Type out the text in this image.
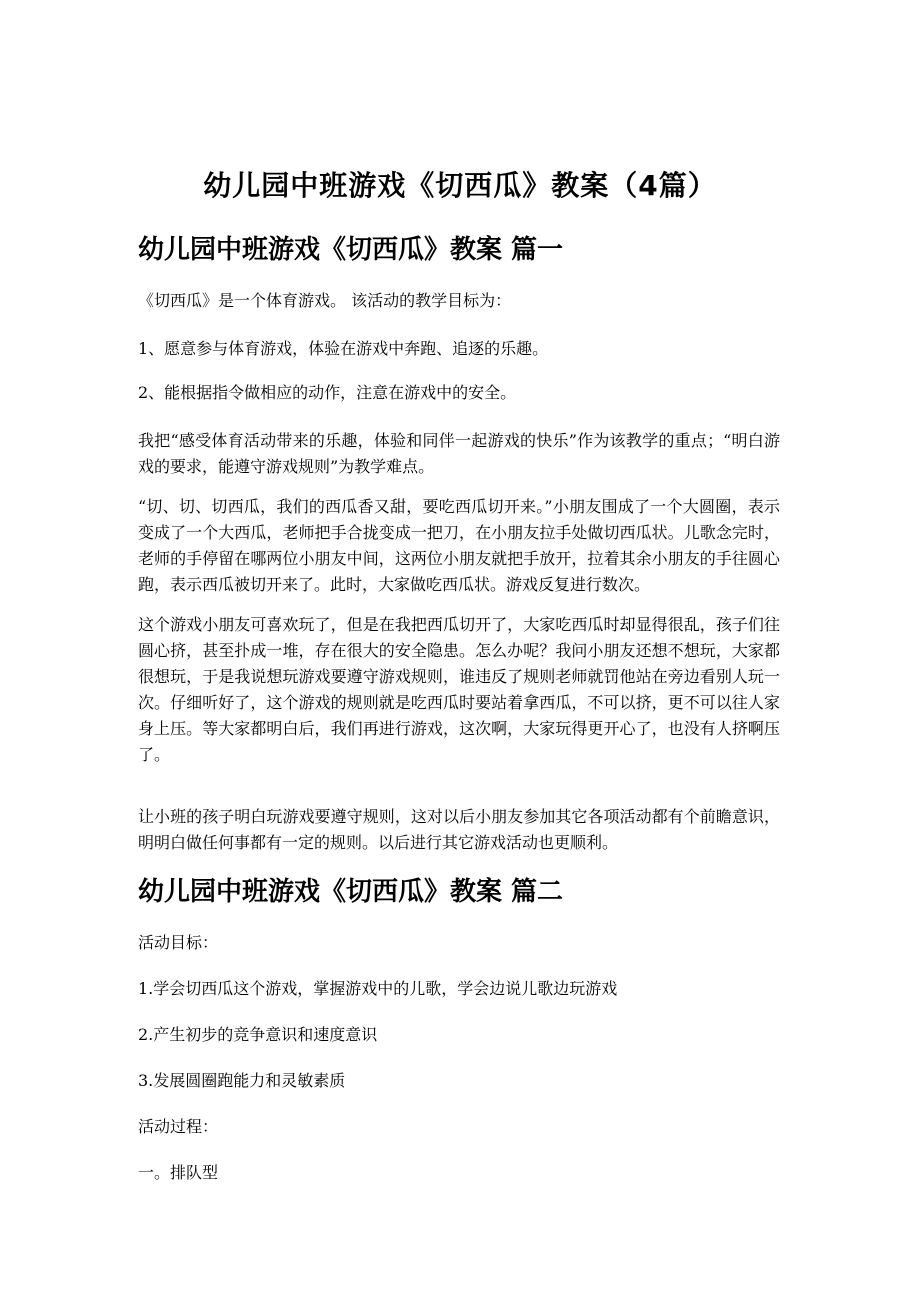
幼儿园中班游戏《切西瓜》教案（4篇）
幼儿园中班游戏《切西瓜》教案 篇一

《切西瓜》是一个体育游戏。 该活动的教学目标为：

1、愿意参与体育游戏，体验在游戏中奔跑、追逐的乐趣。

2、能根据指令做相应的动作，注意在游戏中的安全。

我把“感受体育活动带来的乐趣，体验和同伴一起游戏的快乐”作为该教学的重点；“明白游戏的要求，能遵守游戏规则”为教学难点。

“切、切、切西瓜，我们的西瓜香又甜，要吃西瓜切开来。”小朋友围成了一个大圆圈，表示变成了一个大西瓜，老师把手合拢变成一把刀，在小朋友拉手处做切西瓜状。儿歌念完时，老师的手停留在哪两位小朋友中间，这两位小朋友就把手放开，拉着其余小朋友的手往圆心跑，表示西瓜被切开来了。此时，大家做吃西瓜状。游戏反复进行数次。

这个游戏小朋友可喜欢玩了，但是在我把西瓜切开了，大家吃西瓜时却显得很乱，孩子们往圆心挤，甚至扑成一堆，存在很大的安全隐患。怎么办呢？我问小朋友还想不想玩，大家都很想玩，于是我说想玩游戏要遵守游戏规则，谁违反了规则老师就罚他站在旁边看别人玩一次。仔细听好了，这个游戏的规则就是吃西瓜时要站着拿西瓜，不可以挤，更不可以往人家身上压。等大家都明白后，我们再进行游戏，这次啊，大家玩得更开心了，也没有人挤啊压了。

让小班的孩子明白玩游戏要遵守规则，这对以后小朋友参加其它各项活动都有个前瞻意识，明明白做任何事都有一定的规则。以后进行其它游戏活动也更顺利。

幼儿园中班游戏《切西瓜》教案 篇二

活动目标：

1.学会切西瓜这个游戏，掌握游戏中的儿歌，学会边说儿歌边玩游戏

2.产生初步的竞争意识和速度意识

3.发展圆圈跑能力和灵敏素质

活动过程：

一。排队型
